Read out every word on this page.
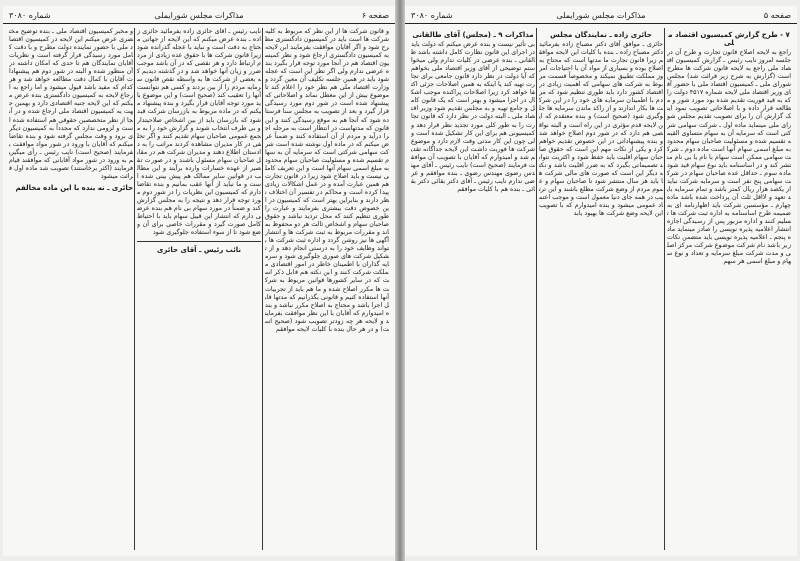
صفحه ۶
مذاکرات مجلس شورایملی
شماره ۳۰۸۰

و قانون ‌شرکت ‌ها ‌از ‌این ‌نظر ‌که ‌مربوط ‌به ‌کلیه ‌شرکت ‌ها ‌است ‌باید ‌در ‌کمیسیون ‌دادگستری ‌مطرح ‌شود ‌و ‌اگر ‌آقایان ‌موافقت ‌بفرمایند ‌این ‌لایحه ‌به ‌کمیسیون ‌دادگستری ‌ارجاع ‌شود ‌و ‌نظر ‌کمیسیون ‌اقتصاد ‌هم ‌در ‌آنجا ‌مورد ‌توجه ‌قرار ‌بگیرد ‌بنده ‌عرضی ‌ندارم ‌ولی ‌اگر ‌نظر ‌این ‌است ‌که ‌عجله ‌شود ‌باید ‌در ‌همین ‌جلسه ‌تکلیف ‌آن ‌معین ‌گردد ‌و ‌وزارت ‌اقتصاد ‌ملی ‌هم ‌نظر ‌خود ‌را ‌اعلام ‌کند ‌تا ‌موضوع ‌بیش ‌از ‌این ‌معطل ‌نماند ‌و ‌اصلاحاتی ‌که ‌پیشنهاد ‌شده ‌است ‌در ‌شور ‌دوم ‌مورد ‌رسیدگی ‌قرار ‌گیرد ‌و ‌بعد ‌از ‌تصویب ‌به ‌مجلس ‌سنا ‌فرستاده ‌شود ‌که ‌آنجا ‌هم ‌به ‌موقع ‌رسیدگی ‌کنند ‌و ‌این ‌قانون ‌که ‌مدتهاست ‌در ‌انتظار ‌است ‌به ‌مرحله ‌اجرا ‌درآید ‌و ‌مردم ‌از ‌آن ‌استفاده ‌کنند ‌و ‌ضمناً ‌عرض ‌میکنم ‌که ‌در ‌ماده ‌اول ‌نوشته ‌شده ‌است ‌شرکت ‌سهامی ‌شرکتی ‌است ‌که ‌سرمایه ‌آن ‌به ‌سهام ‌تقسیم ‌شده ‌و ‌مسئولیت ‌صاحبان ‌سهام ‌محدود ‌به ‌مبلغ ‌اسمی ‌سهام ‌آنها ‌است ‌و ‌این ‌تعریف ‌کاملی ‌نیست ‌و ‌باید ‌اصلاح ‌شود ‌زیرا ‌در ‌قانون ‌تجارت ‌هم ‌همین ‌عبارت ‌آمده ‌و ‌در ‌عمل ‌اشکالات ‌زیادی ‌پیدا ‌کرده ‌است ‌و ‌محاکم ‌در ‌تفسیر ‌آن ‌اختلاف ‌نظر ‌دارند ‌و ‌بنابراین ‌بهتر ‌است ‌که ‌کمیسیون ‌در ‌این ‌خصوص ‌دقت ‌بیشتری ‌بفرمایند ‌و ‌عبارت ‌را ‌طوری ‌تنظیم ‌کنند ‌که ‌محل ‌تردید ‌نباشد ‌و ‌حقوق ‌صاحبان ‌سهام ‌و ‌اشخاص ‌ثالث ‌هر ‌دو ‌محفوظ ‌بماند ‌و ‌مقررات ‌مربوط ‌به ‌ثبت ‌شرکت ‌ها ‌و ‌انتشار ‌آگهی ‌ها ‌نیز ‌روشن ‌گردد ‌و ‌اداره ‌ثبت ‌شرکت ‌ها ‌بتواند ‌وظایف ‌خود ‌را ‌به ‌درستی ‌انجام ‌دهد ‌و ‌از ‌تشکیل ‌شرکت ‌های ‌صوری ‌جلوگیری ‌شود ‌و ‌سرمایه ‌گذاران ‌با ‌اطمینان ‌خاطر ‌در ‌امور ‌اقتصادی ‌مملکت ‌شرکت ‌کنند ‌و ‌این ‌نکته ‌هم ‌قابل ‌ذکر ‌است ‌که ‌در ‌سایر ‌کشورها ‌قوانین ‌مربوط ‌به ‌شرکت ‌ها ‌مکرر ‌اصلاح ‌شده ‌و ‌ما ‌هم ‌باید ‌از ‌تجربیات ‌آنها ‌استفاده ‌کنیم ‌و ‌قانونی ‌بگذرانیم ‌که ‌مدتها ‌قابل ‌اجرا ‌باشد ‌و ‌محتاج ‌به ‌اصلاح ‌مکرر ‌نباشد ‌و ‌بنده ‌امیدوارم ‌که ‌آقایان ‌با ‌این ‌نظر ‌موافقت ‌بفرمایند ‌و ‌لایحه ‌هر ‌چه ‌زودتر ‌تصویب ‌شود ‌(صحیح ‌است) ‌و ‌در ‌هر ‌حال ‌بنده ‌با ‌کلیات ‌لایحه ‌موافقم

نایب ‌رئیس ‌ـ ‌آقای ‌حائری ‌زاده ‌بفرمائید ‌حائری ‌زاده ‌ـ ‌بنده ‌عرض ‌میکنم ‌که ‌این ‌لایحه ‌از ‌جهاتی ‌محتاج ‌به ‌دقت ‌است ‌و ‌نباید ‌با ‌عجله ‌گذرانده ‌شود ‌زیرا ‌قانون ‌شرکت ‌ها ‌با ‌حقوق ‌عده ‌زیادی ‌از ‌مردم ‌ارتباط ‌دارد ‌و ‌هر ‌نقصی ‌که ‌در ‌آن ‌باشد ‌موجب ‌ضرر ‌و ‌زیان ‌آنها ‌خواهد ‌شد ‌و ‌در ‌گذشته ‌دیدیم ‌که ‌بعضی ‌از ‌شرکت ‌ها ‌به ‌واسطه ‌نقص ‌قانون ‌سرمایه ‌مردم ‌را ‌از ‌بین ‌بردند ‌و ‌کسی ‌هم ‌نتوانست ‌آنها ‌را ‌تعقیب ‌کند ‌(صحیح ‌است) ‌و ‌این ‌موضوع ‌باید ‌مورد ‌توجه ‌آقایان ‌قرار ‌بگیرد ‌و ‌بنده ‌پیشنهاد ‌میکنم ‌که ‌در ‌ماده ‌مربوط ‌به ‌بازرسان ‌شرکت ‌قید ‌شود ‌که ‌بازرسان ‌باید ‌از ‌بین ‌اشخاص ‌صلاحیتدار ‌و ‌بی ‌طرف ‌انتخاب ‌شوند ‌و ‌گزارش ‌خود ‌را ‌به ‌مجمع ‌عمومی ‌صاحبان ‌سهام ‌تقدیم ‌کنند ‌و ‌اگر ‌تخلفی ‌در ‌کار ‌مدیران ‌مشاهده ‌کردند ‌مراتب ‌را ‌به ‌دادستان ‌اطلاع ‌دهند ‌و ‌مدیران ‌شرکت ‌هم ‌در ‌مقابل ‌صاحبان ‌سهام ‌مسئول ‌باشند ‌و ‌در ‌صورت ‌تقصیر ‌از ‌عهده ‌خسارات ‌وارده ‌برآیند ‌و ‌این ‌مطالب ‌در ‌قوانین ‌سایر ‌ممالک ‌هم ‌پیش ‌بینی ‌شده ‌است ‌و ‌ما ‌نباید ‌از ‌آنها ‌عقب ‌بمانیم ‌و ‌بنده ‌تقاضا ‌دارم ‌که ‌کمیسیون ‌این ‌نظریات ‌را ‌در ‌شور ‌دوم ‌مورد ‌توجه ‌قرار ‌دهد ‌و ‌نتیجه ‌را ‌به ‌مجلس ‌گزارش ‌کند ‌و ‌ضمناً ‌در ‌مورد ‌سهام ‌بی ‌نام ‌هم ‌بنده ‌عرضی ‌دارم ‌که ‌انتشار ‌این ‌قبیل ‌سهام ‌باید ‌با ‌احتیاط ‌کامل ‌صورت ‌گیرد ‌و ‌مقررات ‌خاصی ‌برای ‌آن ‌وضع ‌شود ‌تا ‌از ‌سوء ‌استفاده ‌جلوگیری ‌شود

نائب رئیس ـ آقای حائری

و ‌مخبر ‌کمیسیون ‌اقتصاد ‌ملی ‌ـ ‌بنده ‌توضیح ‌مختصری ‌عرض ‌میکنم ‌این ‌لایحه ‌در ‌کمیسیون ‌اقتصاد ‌ملی ‌با ‌حضور ‌نماینده ‌دولت ‌مطرح ‌و ‌با ‌دقت ‌کامل ‌مورد ‌رسیدگی ‌قرار ‌گرفته ‌است ‌و ‌نظریات ‌آقایان ‌نمایندگان ‌هم ‌تا ‌حدی ‌که ‌امکان ‌داشته ‌در ‌آن ‌منظور ‌شده ‌و ‌البته ‌در ‌شور ‌دوم ‌هم ‌پیشنهادات ‌آقایان ‌با ‌کمال ‌دقت ‌مطالعه ‌خواهد ‌شد ‌و ‌هر ‌کدام ‌که ‌مفید ‌باشد ‌قبول ‌میشود ‌و ‌اما ‌راجع ‌به ‌ارجاع ‌لایحه ‌به ‌کمیسیون ‌دادگستری ‌بنده ‌عرض ‌میکنم ‌که ‌این ‌لایحه ‌جنبه ‌اقتصادی ‌دارد ‌و ‌بهمین ‌جهت ‌به ‌کمیسیون ‌اقتصاد ‌ملی ‌ارجاع ‌شده ‌و ‌در ‌آنجا ‌از ‌نظر ‌متخصصین ‌حقوقی ‌هم ‌استفاده ‌شده ‌است ‌و ‌لزومی ‌ندارد ‌که ‌مجدداً ‌به ‌کمیسیون ‌دیگری ‌برود ‌و ‌وقت ‌مجلس ‌گرفته ‌شود ‌و ‌بنده ‌تقاضا ‌میکنم ‌که ‌آقایان ‌با ‌ورود ‌در ‌شور ‌مواد ‌موافقت ‌بفرمایند ‌(صحیح ‌است) ‌نایب ‌رئیس ‌ـ ‌رأی ‌میگیریم ‌به ‌ورود ‌در ‌شور ‌مواد ‌آقایانی ‌که ‌موافقند ‌قیام ‌فرمایند ‌(اکثر ‌برخاستند) ‌تصویب ‌شد ‌ماده ‌اول ‌قرائت ‌میشود

حائری ـ نه بنده با این ماده مخالفم
صفحه ۵
مذاکرات مجلس شورایملی
شماره ۳۰۸۰
۷ - طرح گزارش کمیسیون اقتصاد ملی

راجع ‌به ‌لایحه ‌اصلاح ‌قانون ‌تجارت ‌و ‌طرح ‌آن ‌در ‌جلسه ‌امروز ‌نایب ‌رئیس ‌ـ ‌گزارش ‌کمیسیون ‌اقتصاد ‌ملی ‌راجع ‌به ‌لایحه ‌قانون ‌شرکت ‌ها ‌مطرح ‌است ‌(گزارش ‌به ‌شرح ‌زیر ‌قرائت ‌شد) ‌مجلس ‌شورای ‌ملی ‌ـ ‌کمیسیون ‌اقتصاد ‌ملی ‌با ‌حضور ‌آقای ‌وزیر ‌اقتصاد ‌ملی ‌لایحه ‌شماره ‌۴۵۱۷ ‌دولت ‌را ‌که ‌به ‌قید ‌فوریت ‌تقدیم ‌شده ‌بود ‌مورد ‌شور ‌و ‌مطالعه ‌قرار ‌داده ‌و ‌با ‌اصلاحاتی ‌تصویب ‌نمود ‌اینک ‌گزارش ‌آن ‌را ‌برای ‌تصویب ‌تقدیم ‌مجلس ‌شورای ‌ملی ‌مینماید ‌ماده ‌اول ‌ـ ‌شرکت ‌سهامی ‌شرکتی ‌است ‌که ‌سرمایه ‌آن ‌به ‌سهام ‌متساوی ‌القیمه ‌تقسیم ‌شده ‌و ‌مسئولیت ‌صاحبان ‌سهام ‌محدود ‌به ‌مبلغ ‌اسمی ‌سهام ‌آنها ‌است ‌ماده ‌دوم ‌ـ ‌شرکت ‌سهامی ‌ممکن ‌است ‌سهام ‌با ‌نام ‌یا ‌بی ‌نام ‌منتشر ‌کند ‌و ‌در ‌اساسنامه ‌باید ‌نوع ‌سهام ‌قید ‌شود ‌ماده ‌سوم ‌ـ ‌حداقل ‌عده ‌صاحبان ‌سهام ‌در ‌شرکت ‌سهامی ‌پنج ‌نفر ‌است ‌و ‌سرمایه ‌شرکت ‌نباید ‌از ‌یکصد ‌هزار ‌ریال ‌کمتر ‌باشد ‌و ‌تمام ‌سرمایه ‌باید ‌تعهد ‌و ‌لااقل ‌ثلث ‌آن ‌پرداخت ‌شده ‌باشد ‌ماده ‌چهارم ‌ـ ‌مؤسسین ‌شرکت ‌باید ‌اظهارنامه ‌ای ‌به ‌ضمیمه ‌طرح ‌اساسنامه ‌به ‌اداره ‌ثبت ‌شرکت ‌ها ‌تسلیم ‌کنند ‌و ‌اداره ‌مزبور ‌پس ‌از ‌رسیدگی ‌اجازه ‌انتشار ‌اعلامیه ‌پذیره ‌نویسی ‌را ‌صادر ‌مینماید ‌ماده ‌پنجم ‌ـ ‌اعلامیه ‌پذیره ‌نویسی ‌باید ‌متضمن ‌نکات ‌زیر ‌باشد ‌نام ‌شرکت ‌موضوع ‌شرکت ‌مرکز ‌اصلی ‌و ‌مدت ‌شرکت ‌مبلغ ‌سرمایه ‌و ‌تعداد ‌و ‌نوع ‌سهام ‌و ‌مبلغ ‌اسمی ‌هر ‌سهم

حائری زاده ـ نمایندگان مجلس

حائری ‌ـ ‌موافق ‌آقای ‌دکتر ‌مصباح ‌زاده ‌بفرمائید ‌دکتر ‌مصباح ‌زاده ‌ـ ‌بنده ‌با ‌کلیات ‌این ‌لایحه ‌موافقم ‌زیرا ‌قانون ‌تجارت ‌ما ‌مدتها ‌است ‌که ‌محتاج ‌به ‌اصلاح ‌بوده ‌و ‌بسیاری ‌از ‌مواد ‌آن ‌با ‌احتیاجات ‌امروز ‌مملکت ‌تطبیق ‌نمیکند ‌و ‌مخصوصاً ‌قسمت ‌مربوط ‌به ‌شرکت ‌های ‌سهامی ‌که ‌اهمیت ‌زیادی ‌در ‌اقتصاد ‌کشور ‌دارد ‌باید ‌طوری ‌تنظیم ‌شود ‌که ‌مردم ‌با ‌اطمینان ‌سرمایه ‌های ‌خود ‌را ‌در ‌این ‌شرکت ‌ها ‌بکار ‌اندازند ‌و ‌از ‌راکد ‌ماندن ‌سرمایه ‌ها ‌جلوگیری ‌شود ‌(صحیح ‌است) ‌و ‌بنده ‌معتقدم ‌که ‌این ‌لایحه ‌قدم ‌مؤثری ‌در ‌این ‌راه ‌است ‌و ‌البته ‌نواقصی ‌هم ‌دارد ‌که ‌در ‌شور ‌دوم ‌اصلاح ‌خواهد ‌شد ‌و ‌بنده ‌پیشنهاداتی ‌در ‌این ‌خصوص ‌تقدیم ‌خواهم ‌کرد ‌و ‌یکی ‌از ‌نکات ‌مهم ‌این ‌است ‌که ‌حقوق ‌صاحبان ‌سهام ‌اقلیت ‌باید ‌حفظ ‌شود ‌و ‌اکثریت ‌نتواند ‌تصمیماتی ‌بگیرد ‌که ‌به ‌ضرر ‌اقلیت ‌باشد ‌و ‌نکته ‌دیگر ‌این ‌است ‌که ‌صورت ‌های ‌مالی ‌شرکت ‌ها ‌باید ‌هر ‌سال ‌منتشر ‌شود ‌تا ‌صاحبان ‌سهام ‌و ‌عموم ‌مردم ‌از ‌وضع ‌شرکت ‌مطلع ‌باشند ‌و ‌این ‌ترتیب ‌در ‌همه ‌جای ‌دنیا ‌معمول ‌است ‌و ‌موجب ‌اعتماد ‌عمومی ‌میشود ‌و ‌بنده ‌امیدوارم ‌که ‌با ‌تصویب ‌این ‌لایحه ‌وضع ‌شرکت ‌ها ‌بهبود ‌یابد

مذاکرات ۹ ـ (مجلس) آقای طالقانی

بی ‌تأثیر ‌نیست ‌و ‌بنده ‌عرض ‌میکنم ‌که ‌دولت ‌باید ‌در ‌اجرای ‌این ‌قانون ‌نظارت ‌کامل ‌داشته ‌باشد ‌طالقانی ‌ـ ‌بنده ‌عرضی ‌در ‌کلیات ‌ندارم ‌ولی ‌میخواستم ‌توضیحی ‌از ‌آقای ‌وزیر ‌اقتصاد ‌ملی ‌بخواهم ‌که ‌آیا ‌دولت ‌در ‌نظر ‌دارد ‌قانون ‌جامعی ‌برای ‌تجارت ‌تهیه ‌کند ‌یا ‌اینکه ‌به ‌همین ‌اصلاحات ‌جزئی ‌اکتفا ‌خواهد ‌کرد ‌زیرا ‌اصلاحات ‌پراکنده ‌موجب ‌اشکال ‌در ‌اجرا ‌میشود ‌و ‌بهتر ‌است ‌که ‌یک ‌قانون ‌کامل ‌و ‌جامع ‌تهیه ‌و ‌به ‌مجلس ‌تقدیم ‌شود ‌وزیر ‌اقتصاد ‌ملی ‌ـ ‌البته ‌دولت ‌در ‌نظر ‌دارد ‌که ‌قانون ‌تجارت ‌را ‌به ‌طور ‌کلی ‌مورد ‌تجدید ‌نظر ‌قرار ‌دهد ‌و ‌کمیسیونی ‌هم ‌برای ‌این ‌کار ‌تشکیل ‌شده ‌است ‌ولی ‌چون ‌این ‌کار ‌مدتی ‌وقت ‌لازم ‌دارد ‌و ‌موضوع ‌شرکت ‌ها ‌فوریت ‌داشت ‌این ‌لایحه ‌جداگانه ‌تقدیم ‌شد ‌و ‌امیدوارم ‌که ‌آقایان ‌با ‌تصویب ‌آن ‌موافقت ‌فرمایند ‌(صحیح ‌است) ‌نایب ‌رئیس ‌ـ ‌آقای ‌مهندس ‌رضوی ‌مهندس ‌رضوی ‌ـ ‌بنده ‌موافقم ‌و ‌عرضی ‌ندارم ‌نایب ‌رئیس ‌ـ ‌آقای ‌دکتر ‌بقائی ‌دکتر ‌بقائی ‌ـ ‌بنده ‌هم ‌با ‌کلیات ‌موافقم
